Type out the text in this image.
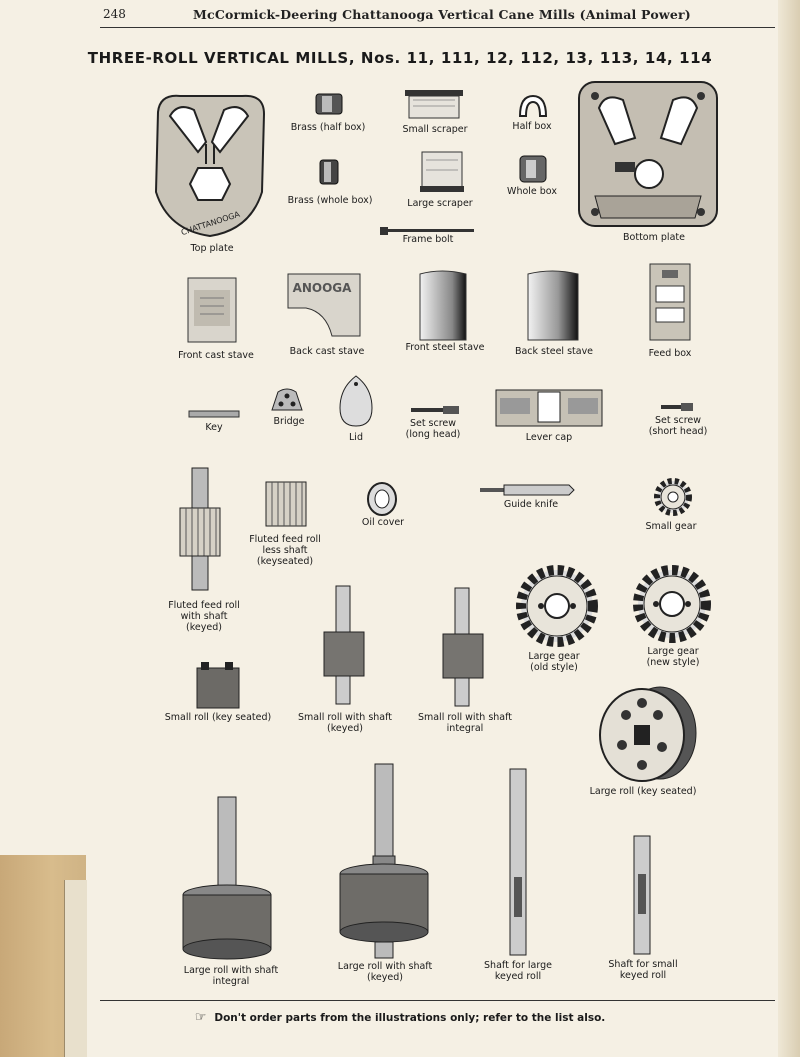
248	McCormick-Deering Chattanooga Vertical Cane Mills (Animal Power)
THREE-ROLL VERTICAL MILLS, Nos. 11, 111, 12, 112, 13, 113, 14, 114
CHATTANOOGA
Top plate
Brass (half box)	Small scraper	Half box
Bottom plate
Brass (whole box)	Large scraper
Whole box
Frame bolt
Front cast stave
ANOOGA
Back cast stave	Front steel stave	Back steel stave	Feed box
Key
Bridge
Lid
Set screw
(long head)	Lever cap
Set screw
(short head)
Fluted feed roll
with shaft
(keyed)
Fluted feed roll
less shaft
(keyseated)
Oil cover
Guide knife
Small gear
Large gear
(old style)
Large gear
(new style)
Small roll (key seated)	Small roll with shaft
(keyed)
Small roll with shaft
integral
Large roll (key seated)
Large roll with shaft
integral
Large roll with shaft
(keyed)
Shaft for large
keyed roll
Shaft for small
keyed roll
☞ Don't order parts from the illustrations only; refer to the list also.
